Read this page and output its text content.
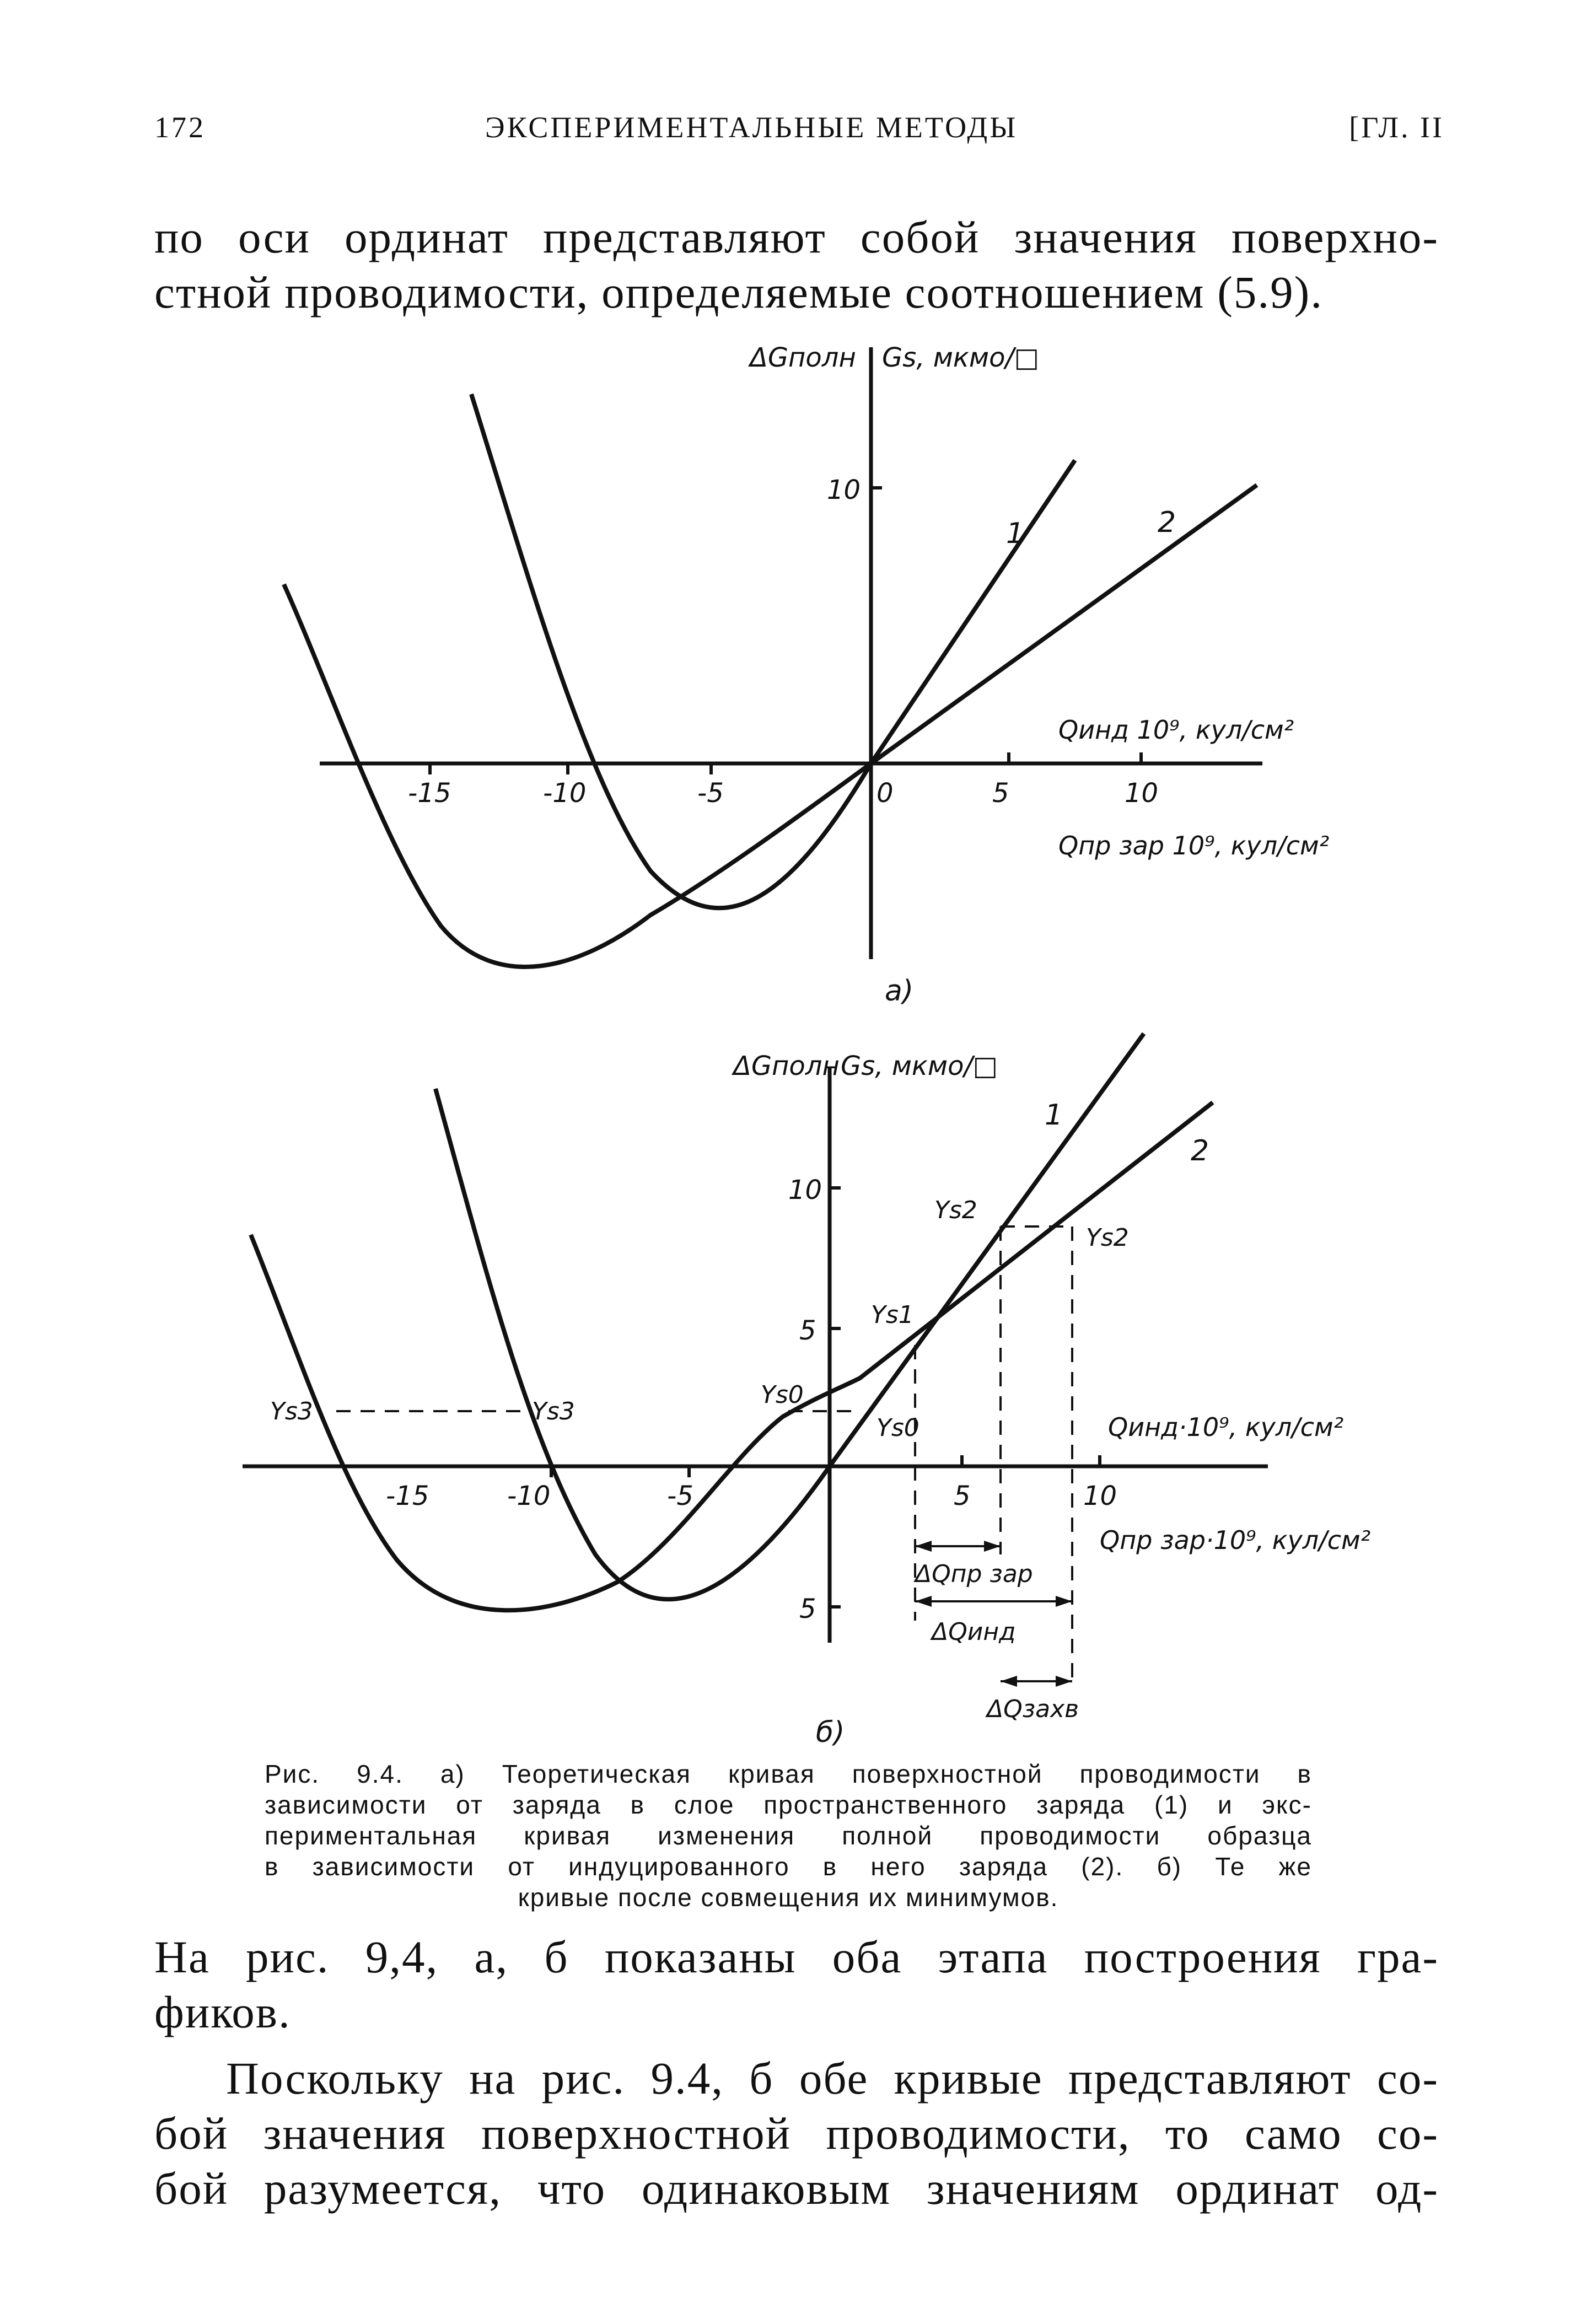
172	ЭКСПЕРИМЕНТАЛЬНЫЕ МЕТОДЫ	[ГЛ. II
по оси ординат представляют собой значения поверхно-
стной проводимости, определяемые соотношением (5.9).
ΔGполн Gs, мкмо/□
10
-15	-10	-5	0	5	10
1	2
Qинд 10⁹, кул/см²
Qпр зар 10⁹, кул/см²
а)
ΔGполн Gs, мкмо/□
10
5
5
-15	-10	-5	5	10
1
2
Ys3	Ys3
Ys0
Ys0
Ys1
Ys2
Ys2
Qинд·10⁹, кул/см²
Qпр зар·10⁹, кул/см²
ΔQпр зар
ΔQинд
ΔQзахв
б)
Рис. 9.4. а) Теоретическая кривая поверхностной проводимости в
зависимости от заряда в слое пространственного заряда (1) и экс-
периментальная кривая изменения полной проводимости образца
в зависимости от индуцированного в него заряда (2). б) Те же
кривые после совмещения их минимумов.
На рис. 9,4, а, б показаны оба этапа построения гра-
фиков.
Поскольку на рис. 9.4, б обе кривые представляют со-
бой значения поверхностной проводимости, то само со-
бой разумеется, что одинаковым значениям ординат од-
